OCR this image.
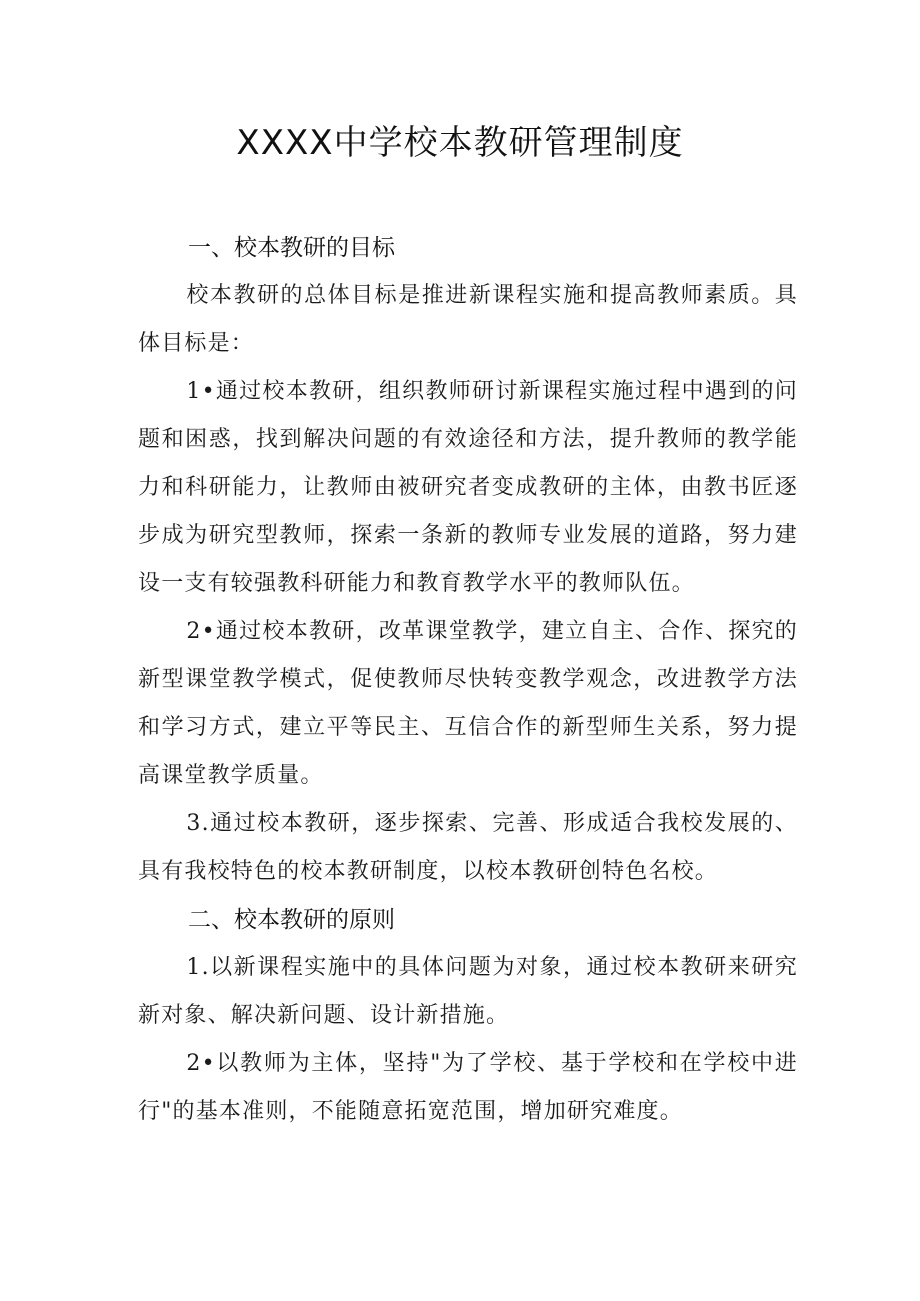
XXXX中学校本教研管理制度
一、校本教研的目标

校本教研的总体目标是推进新课程实施和提高教师素质。具体目标是：

1•通过校本教研，组织教师研讨新课程实施过程中遇到的问题和困惑，找到解决问题的有效途径和方法，提升教师的教学能力和科研能力，让教师由被研究者变成教研的主体，由教书匠逐步成为研究型教师，探索一条新的教师专业发展的道路，努力建设一支有较强教科研能力和教育教学水平的教师队伍。

2•通过校本教研，改革课堂教学，建立自主、合作、探究的新型课堂教学模式，促使教师尽快转变教学观念，改进教学方法和学习方式，建立平等民主、互信合作的新型师生关系，努力提高课堂教学质量。

3.通过校本教研，逐步探索、完善、形成适合我校发展的、具有我校特色的校本教研制度，以校本教研创特色名校。

二、校本教研的原则

1.以新课程实施中的具体问题为对象，通过校本教研来研究新对象、解决新问题、设计新措施。

2•以教师为主体，坚持"为了学校、基于学校和在学校中进行"的基本准则，不能随意拓宽范围，增加研究难度。
